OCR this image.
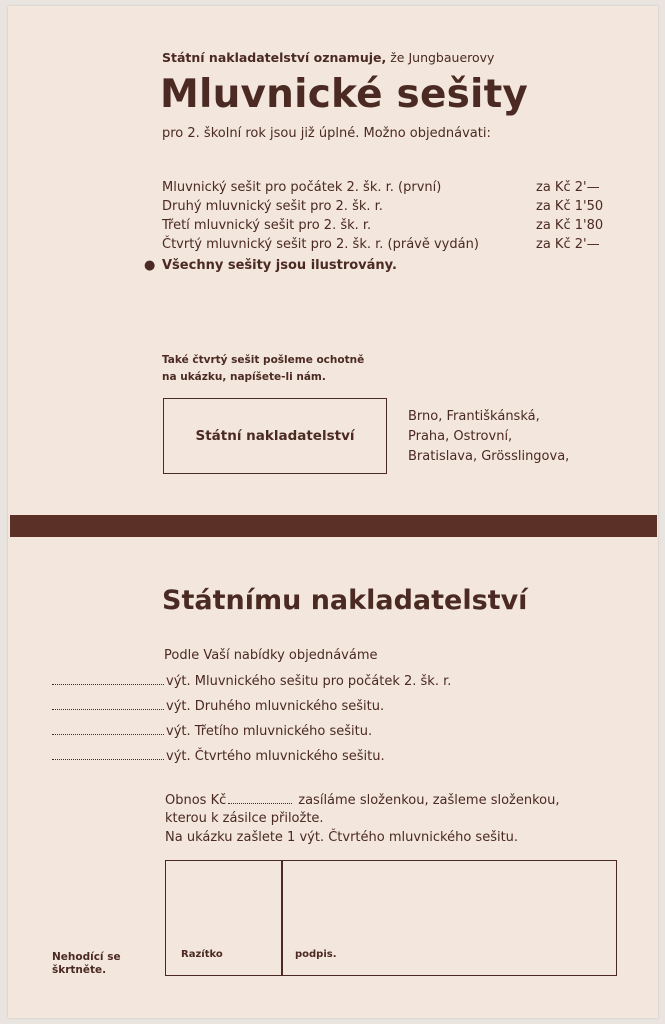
Státní nakladatelství oznamuje, že Jungbauerovy
Mluvnické sešity
pro 2. školní rok jsou již úplné. Možno objednávati:
Mluvnický sešit pro počátek 2. šk. r. (první)	za Kč 2'—
Druhý mluvnický sešit pro 2. šk. r.	za Kč 1'50
Třetí mluvnický sešit pro 2. šk. r.	za Kč 1'80
Čtvrtý mluvnický sešit pro 2. šk. r. (právě vydán)	za Kč 2'—
● Všechny sešity jsou ilustrovány.
Také čtvrtý sešit pošleme ochotně
na ukázku, napíšete-li nám.
Státní nakladatelství
Brno, Františkánská,
Praha, Ostrovní,
Bratislava, Grösslingova,
Státnímu nakladatelství
Podle Vaší nabídky objednáváme
výt. Mluvnického sešitu pro počátek 2. šk. r.
výt. Druhého mluvnického sešitu.
výt. Třetího mluvnického sešitu.
výt. Čtvrtého mluvnického sešitu.
Obnos Kč	zasíláme složenkou, zašleme složenkou,
kterou k zásilce přiložte.
Na ukázku zašlete 1 výt. Čtvrtého mluvnického sešitu.
Razítko	podpis.
Nehodící se škrtněte.
